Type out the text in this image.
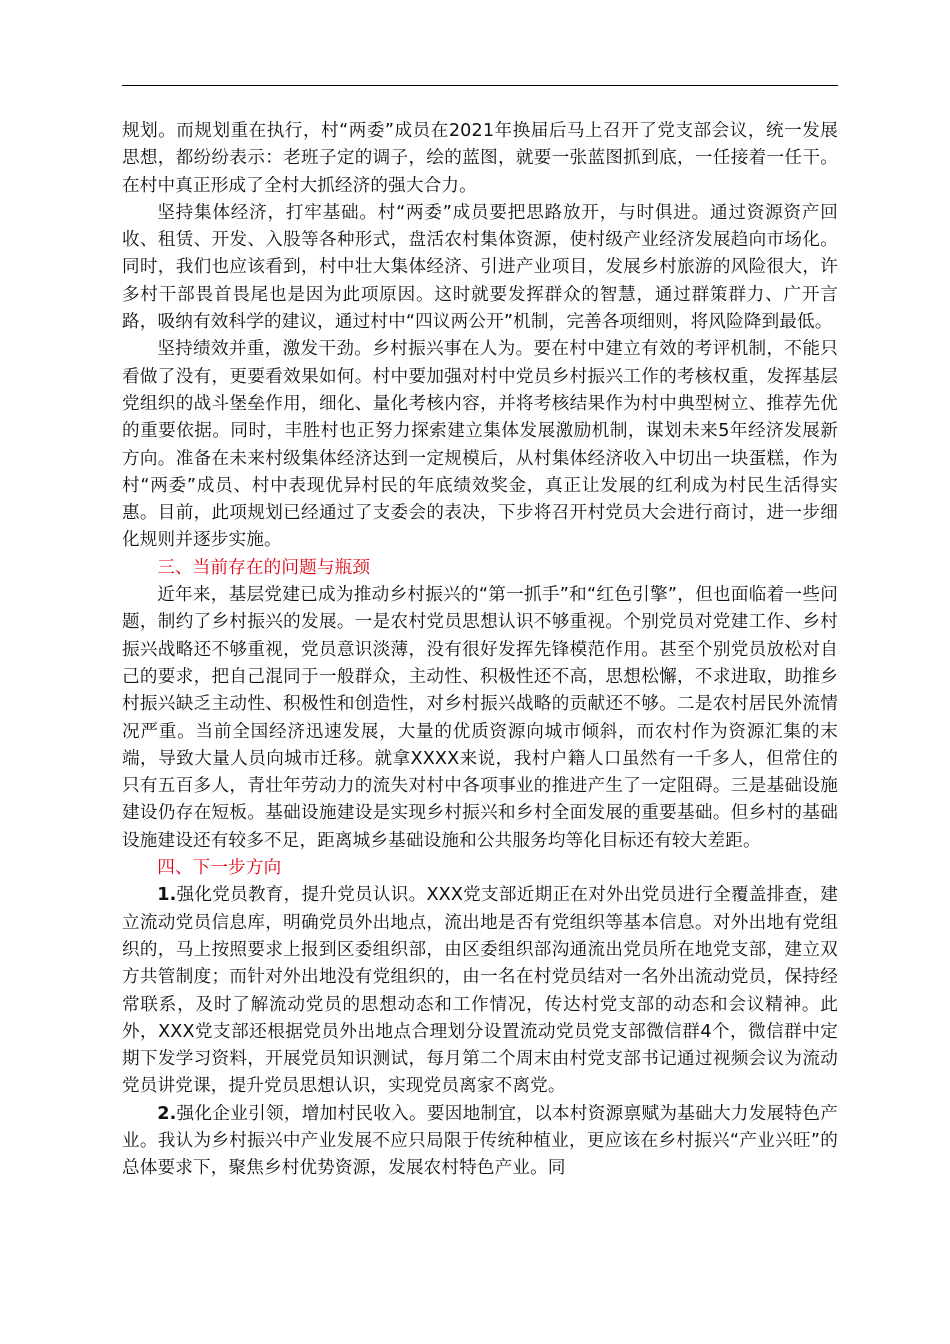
规划。而规划重在执行，村“两委”成员在2021年换届后马上召开了党支部会议，统一发展思想，都纷纷表示：老班子定的调子，绘的蓝图，就要一张蓝图抓到底，一任接着一任干。在村中真正形成了全村大抓经济的强大合力。

坚持集体经济，打牢基础。村“两委”成员要把思路放开，与时俱进。通过资源资产回收、租赁、开发、入股等各种形式，盘活农村集体资源，使村级产业经济发展趋向市场化。同时，我们也应该看到，村中壮大集体经济、引进产业项目，发展乡村旅游的风险很大，许多村干部畏首畏尾也是因为此项原因。这时就要发挥群众的智慧，通过群策群力、广开言路，吸纳有效科学的建议，通过村中“四议两公开”机制，完善各项细则，将风险降到最低。

坚持绩效并重，激发干劲。乡村振兴事在人为。要在村中建立有效的考评机制，不能只看做了没有，更要看效果如何。村中要加强对村中党员乡村振兴工作的考核权重，发挥基层党组织的战斗堡垒作用，细化、量化考核内容，并将考核结果作为村中典型树立、推荐先优的重要依据。同时，丰胜村也正努力探索建立集体发展激励机制，谋划未来5年经济发展新方向。准备在未来村级集体经济达到一定规模后，从村集体经济收入中切出一块蛋糕，作为村“两委”成员、村中表现优异村民的年底绩效奖金，真正让发展的红利成为村民生活得实惠。目前，此项规划已经通过了支委会的表决，下步将召开村党员大会进行商讨，进一步细化规则并逐步实施。

三、当前存在的问题与瓶颈

近年来，基层党建已成为推动乡村振兴的“第一抓手”和“红色引擎”，但也面临着一些问题，制约了乡村振兴的发展。一是农村党员思想认识不够重视。个别党员对党建工作、乡村振兴战略还不够重视，党员意识淡薄，没有很好发挥先锋模范作用。甚至个别党员放松对自己的要求，把自己混同于一般群众，主动性、积极性还不高，思想松懈，不求进取，助推乡村振兴缺乏主动性、积极性和创造性，对乡村振兴战略的贡献还不够。二是农村居民外流情况严重。当前全国经济迅速发展，大量的优质资源向城市倾斜，而农村作为资源汇集的末端，导致大量人员向城市迁移。就拿XXXX来说，我村户籍人口虽然有一千多人，但常住的只有五百多人，青壮年劳动力的流失对村中各项事业的推进产生了一定阻碍。三是基础设施建设仍存在短板。基础设施建设是实现乡村振兴和乡村全面发展的重要基础。但乡村的基础设施建设还有较多不足，距离城乡基础设施和公共服务均等化目标还有较大差距。

四、下一步方向

1.强化党员教育，提升党员认识。XXX党支部近期正在对外出党员进行全覆盖排查，建立流动党员信息库，明确党员外出地点，流出地是否有党组织等基本信息。对外出地有党组织的，马上按照要求上报到区委组织部，由区委组织部沟通流出党员所在地党支部，建立双方共管制度；而针对外出地没有党组织的，由一名在村党员结对一名外出流动党员，保持经常联系，及时了解流动党员的思想动态和工作情况，传达村党支部的动态和会议精神。此外，XXX党支部还根据党员外出地点合理划分设置流动党员党支部微信群4个，微信群中定期下发学习资料，开展党员知识测试，每月第二个周末由村党支部书记通过视频会议为流动党员讲党课，提升党员思想认识，实现党员离家不离党。

2.强化企业引领，增加村民收入。要因地制宜，以本村资源禀赋为基础大力发展特色产业。我认为乡村振兴中产业发展不应只局限于传统种植业，更应该在乡村振兴“产业兴旺”的总体要求下，聚焦乡村优势资源，发展农村特色产业。同
